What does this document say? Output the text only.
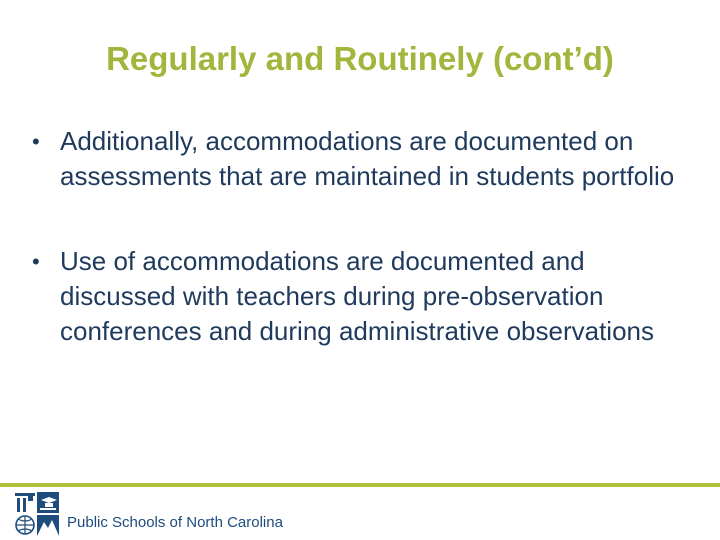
Regularly and Routinely (cont’d)
• Additionally, accommodations are documented on assessments that are maintained in students portfolio
• Use of accommodations are documented and discussed with teachers during pre-observation conferences and during administrative observations
Public Schools of North Carolina
